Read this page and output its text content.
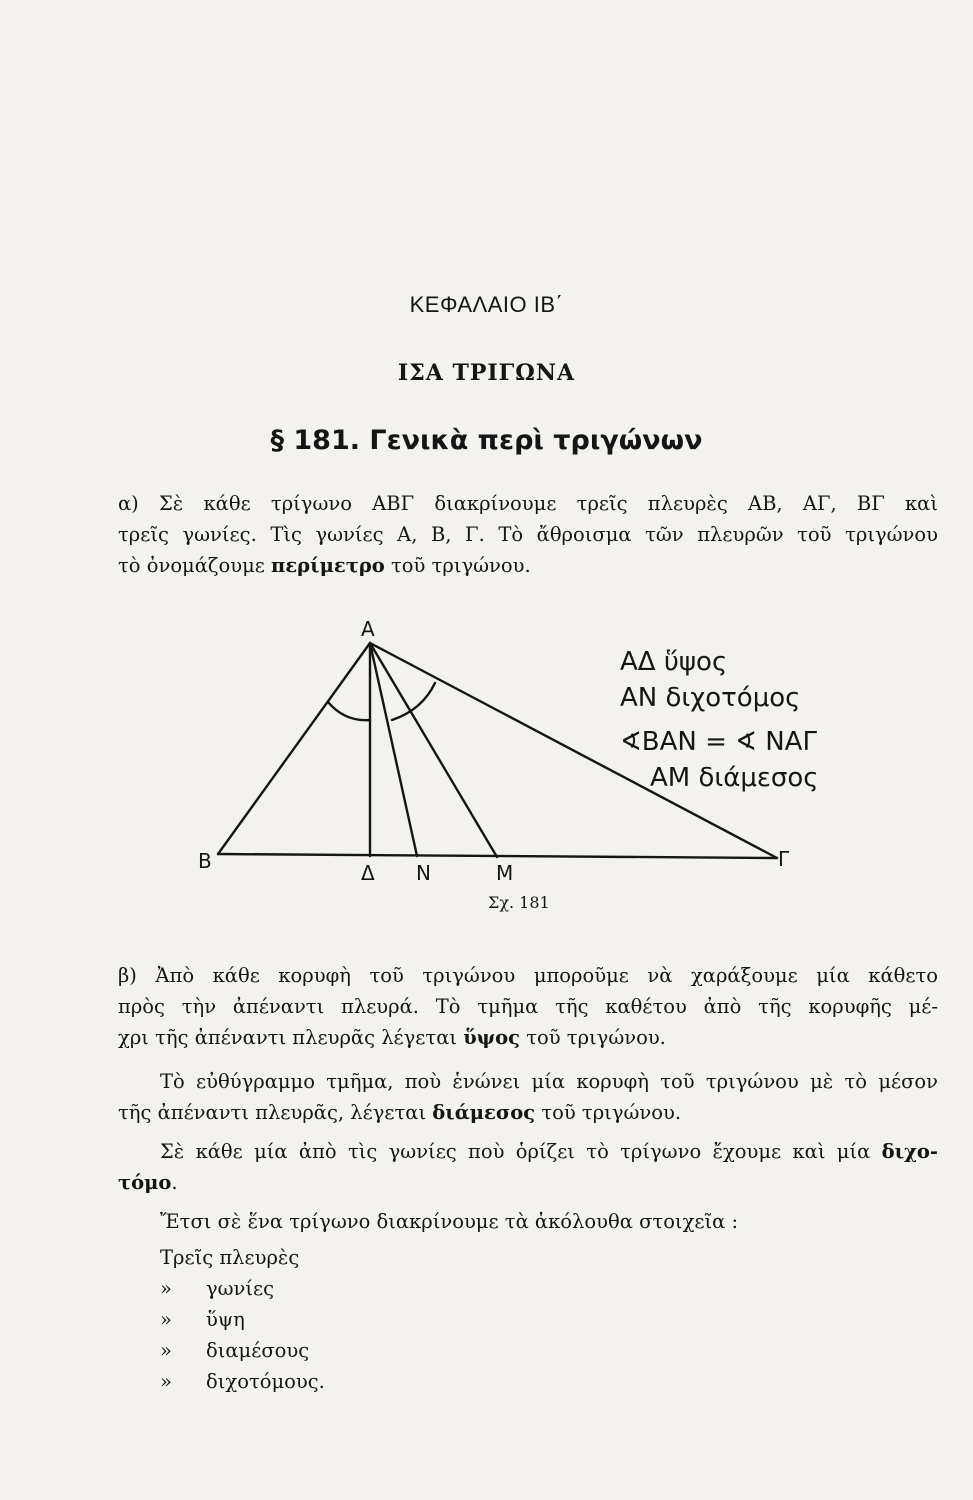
ΚΕΦΑΛΑΙΟ ΙΒ΄
ΙΣΑ ΤΡΙΓΩΝΑ
§ 181. Γενικὰ περὶ τριγώνων
α) Σὲ κάθε τρίγωνο ΑΒΓ διακρίνουμε τρεῖς πλευρὲς ΑΒ, ΑΓ, ΒΓ καὶ
τρεῖς γωνίες. Τὶς γωνίες Α, Β, Γ. Τὸ ἄθροισμα τῶν πλευρῶν τοῦ τριγώνου
τὸ ὀνομάζουμε περίμετρο τοῦ τριγώνου.
Α
Β	Γ
Δ Ν	Μ
ΑΔ ὕψος
ΑΝ διχοτόμος
∢ΒΑΝ = ∢ ΝΑΓ
ΑΜ διάμεσος
Σχ. 181
β) Ἀπὸ κάθε κορυφὴ τοῦ τριγώνου μποροῦμε νὰ χαράξουμε μία κάθετο
πρὸς τὴν ἀπέναντι πλευρά. Τὸ τμῆμα τῆς καθέτου ἀπὸ τῆς κορυφῆς μέ-
χρι τῆς ἀπέναντι πλευρᾶς λέγεται ὕψος τοῦ τριγώνου.
Τὸ εὐθύγραμμο τμῆμα, ποὺ ἑνώνει μία κορυφὴ τοῦ τριγώνου μὲ τὸ μέσον
τῆς ἀπέναντι πλευρᾶς, λέγεται διάμεσος τοῦ τριγώνου.
Σὲ κάθε μία ἀπὸ τὶς γωνίες ποὺ ὁρίζει τὸ τρίγωνο ἔχουμε καὶ μία διχο-
τόμο.
Ἔτσι σὲ ἕνα τρίγωνο διακρίνουμε τὰ ἀκόλουθα στοιχεῖα :
Τρεῖς πλευρὲς
» γωνίες
» ὕψη
» διαμέσους
» διχοτόμους.
